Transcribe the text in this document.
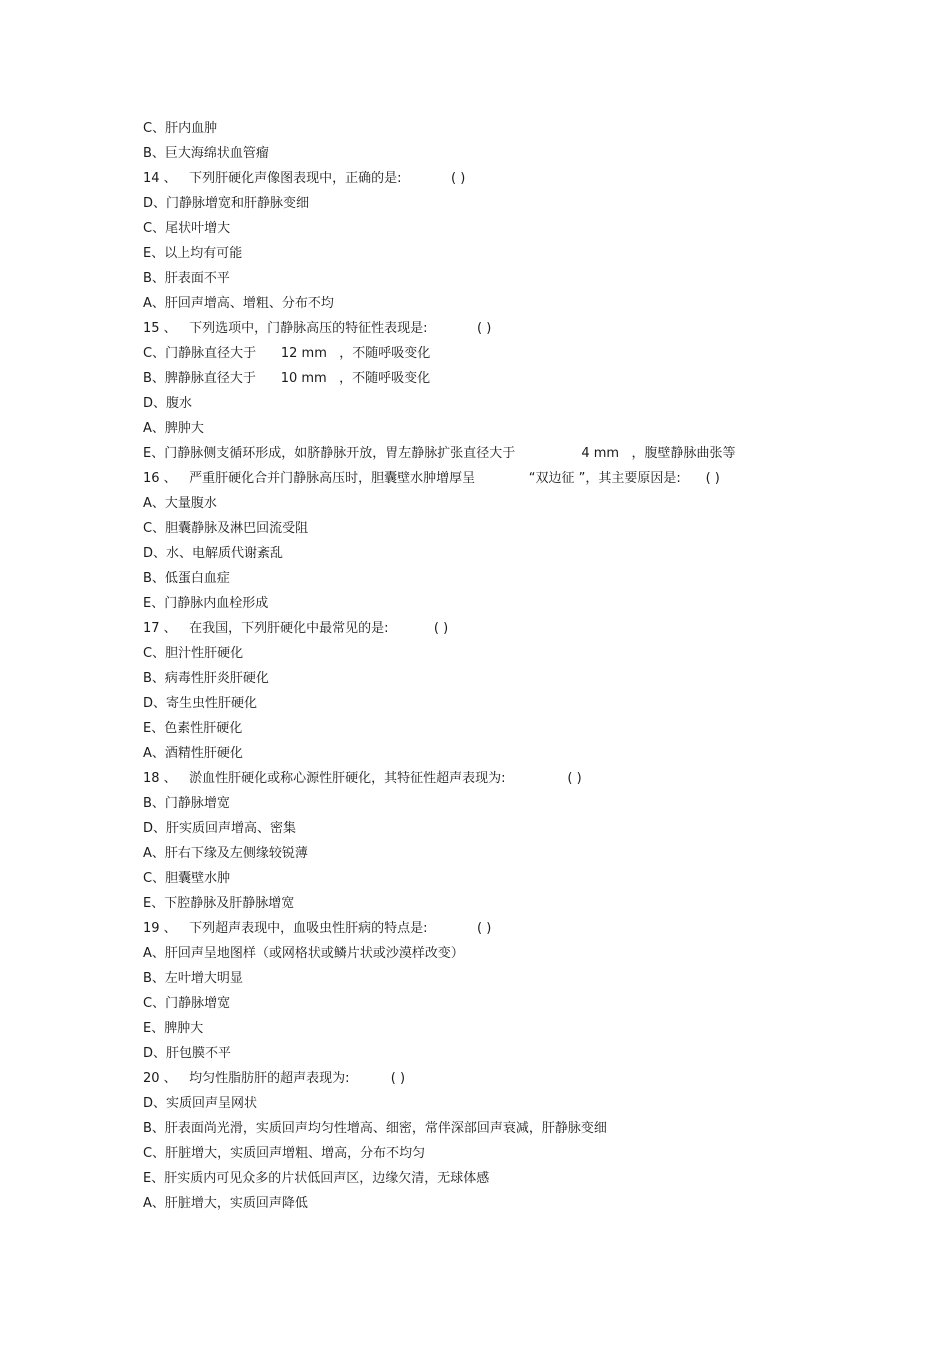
C、肝内血肿
B、巨大海绵状血管瘤
14 、   下列肝硬化声像图表现中，正确的是:            ( )
D、门静脉增宽和肝静脉变细
C、尾状叶增大
E、以上均有可能
B、肝表面不平
A、肝回声增高、增粗、分布不均
15 、   下列选项中，门静脉高压的特征性表现是:            ( )
C、门静脉直径大于      12 mm   ，不随呼吸变化
B、脾静脉直径大于      10 mm   ，不随呼吸变化
D、腹水
A、脾肿大
E、门静脉侧支循环形成，如脐静脉开放，胃左静脉扩张直径大于                4 mm   ，腹壁静脉曲张等
16 、   严重肝硬化合并门静脉高压时，胆囊壁水肿增厚呈             “双边征 ”，其主要原因是:      ( )
A、大量腹水
C、胆囊静脉及淋巴回流受阻
D、水、电解质代谢紊乱
B、低蛋白血症
E、门静脉内血栓形成
17 、   在我国，下列肝硬化中最常见的是:           ( )
C、胆汁性肝硬化
B、病毒性肝炎肝硬化
D、寄生虫性肝硬化
E、色素性肝硬化
A、酒精性肝硬化
18 、   淤血性肝硬化或称心源性肝硬化，其特征性超声表现为:               ( )
B、门静脉增宽
D、肝实质回声增高、密集
A、肝右下缘及左侧缘较锐薄
C、胆囊壁水肿
E、下腔静脉及肝静脉增宽
19 、   下列超声表现中，血吸虫性肝病的特点是:            ( )
A、肝回声呈地图样（或网格状或鳞片状或沙漠样改变）
B、左叶增大明显
C、门静脉增宽
E、脾肿大
D、肝包膜不平
20 、   均匀性脂肪肝的超声表现为:          ( )
D、实质回声呈网状
B、肝表面尚光滑，实质回声均匀性增高、细密，常伴深部回声衰减，肝静脉变细
C、肝脏增大，实质回声增粗、增高，分布不均匀
E、肝实质内可见众多的片状低回声区，边缘欠清，无球体感
A、肝脏增大，实质回声降低
